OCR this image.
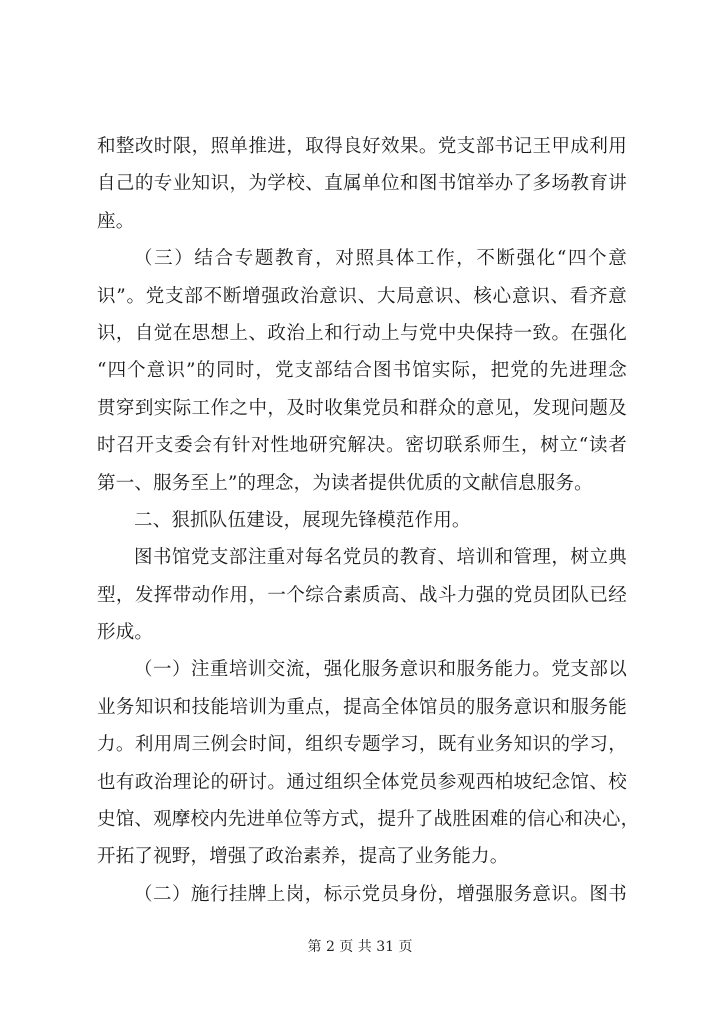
和整改时限，照单推进，取得良好效果。党支部书记王甲成利用
自己的专业知识，为学校、直属单位和图书馆举办了多场教育讲
座。
（三）结合专题教育，对照具体工作，不断强化“四个意
识”。党支部不断增强政治意识、大局意识、核心意识、看齐意
识，自觉在思想上、政治上和行动上与党中央保持一致。在强化
“四个意识”的同时，党支部结合图书馆实际，把党的先进理念
贯穿到实际工作之中，及时收集党员和群众的意见，发现问题及
时召开支委会有针对性地研究解决。密切联系师生，树立“读者
第一、服务至上”的理念，为读者提供优质的文献信息服务。
二、狠抓队伍建设，展现先锋模范作用。
图书馆党支部注重对每名党员的教育、培训和管理，树立典
型，发挥带动作用，一个综合素质高、战斗力强的党员团队已经
形成。
（一）注重培训交流，强化服务意识和服务能力。党支部以
业务知识和技能培训为重点，提高全体馆员的服务意识和服务能
力。利用周三例会时间，组织专题学习，既有业务知识的学习，
也有政治理论的研讨。通过组织全体党员参观西柏坡纪念馆、校
史馆、观摩校内先进单位等方式，提升了战胜困难的信心和决心，
开拓了视野，增强了政治素养，提高了业务能力。
（二）施行挂牌上岗，标示党员身份，增强服务意识。图书
第 2 页 共 31 页
